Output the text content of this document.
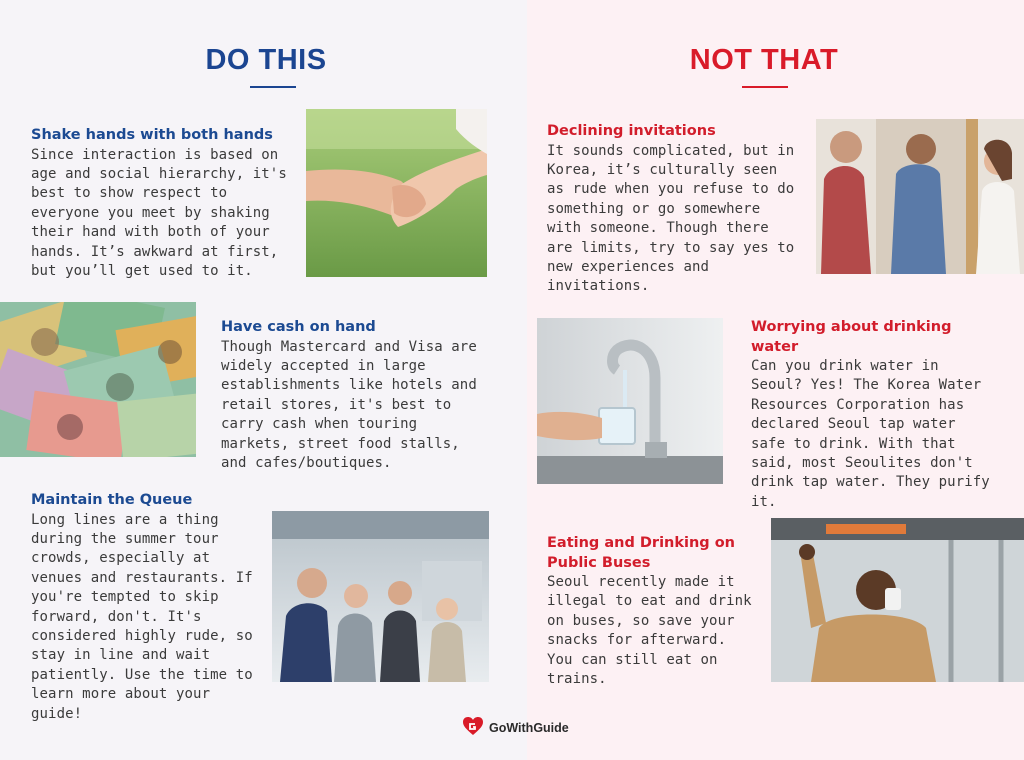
DO THIS	NOT THAT
Shake hands with both hands

Since interaction is based on age and social hierarchy, it's best to show respect to everyone you meet by shaking their hand with both of your hands. It’s awkward at first, but you’ll get used to it.

Have cash on hand

Though Mastercard and Visa are widely accepted in large establishments like hotels and retail stores, it's best to carry cash when touring markets, street food stalls, and cafes/boutiques.

Maintain the Queue

Long lines are a thing during the summer tour crowds, especially at venues and restaurants. If you're tempted to skip forward, don't. It's considered highly rude, so stay in line and wait patiently. Use the time to learn more about your guide!

Declining invitations

It sounds complicated, but in Korea, it’s culturally seen as rude when you refuse to do something or go somewhere with someone. Though there are limits, try to say yes to new experiences and invitations.

Worrying about drinking water

Can you drink water in Seoul? Yes! The Korea Water Resources Corporation has declared Seoul tap water safe to drink. With that said, most Seoulites don't drink tap water. They purify it.

Eating and Drinking on Public Buses

Seoul recently made it illegal to eat and drink on buses, so save your snacks for afterward. You can still eat on trains.

GoWithGuide
